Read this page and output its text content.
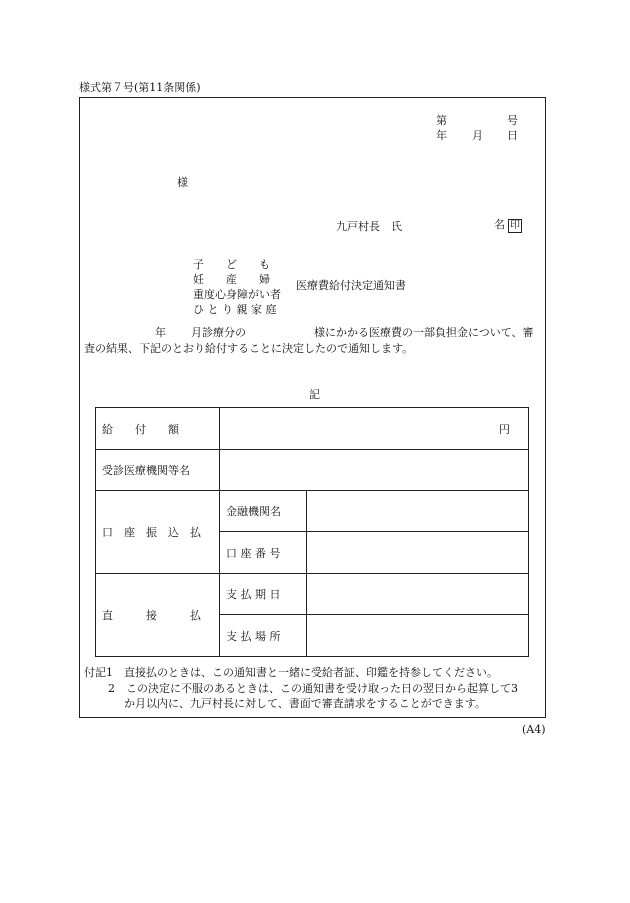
様式第７号(第11条関係)
第	号
年 月 日
様
九戸村長　氏	名 印
子　　ど　　も
妊　　産　　婦
重度心身障がい者
ひ と り 親 家 庭
医療費給付決定通知書
年 月診療分の	様にかかる医療費の一部負担金について、審
査の結果、下記のとおり給付することに決定したので通知します。
記
給　　付　　額	円	
受診医療機関等名		

口　座　振　込　払	金融機関名	
	口 座 番 号	

直　　　接　　　払	支 払 期 日	
	支 払 場 所	
付記1　直接払のときは、この通知書と一緒に受給者証、印鑑を持参してください。
2　この決定に不服のあるときは、この通知書を受け取った日の翌日から起算して3
か月以内に、九戸村長に対して、書面で審査請求をすることができます。
(A4)
